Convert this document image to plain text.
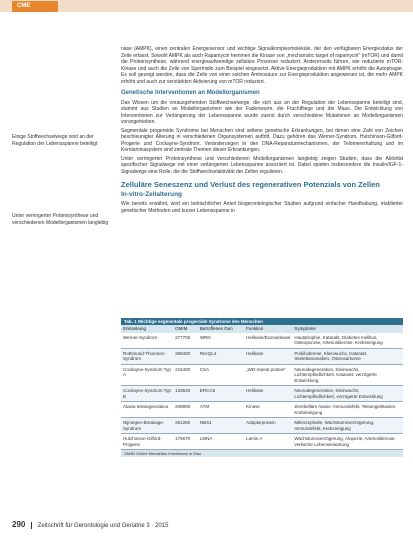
CME
Einige Stoffwechselwege sind an der Regulation der Lebensspanne beteiligt
Unter verringerter Proteinsynthese und verschiedenen Modellorganismen langlebig

nase (AMPK), einen zentralen Energiesensor und wichtige Signalkomplexmoleküle, der den verfügbaren Energiestatus der Zelle erfasst. Sowohl AMPK als auch Rapamycin hemmen die Kinase von „mechanistic target of rapamycin" (mTOR) und damit die Proteinsynthese, während energieaufwendige zelluläre Prozesse reduziert. Andererseits führen, wie reduzierte mTOR-Kinase und auch die Zelle von Spermidin zum Beispiel eingesetzt. Aktive Energieproduktion mit AMPK erhöht die Autophagie. Es soll gezeigt werden, dass die Zelle von einer solchen Aminosäure zur Energieproduktion angewiesen ist, die mehr AMPK erhöht und auch zur verstärkten Aktivierung von mTOR reduziert.

Genetische Interventionen an Modellorganismen

Das Wissen um die vorausgehenden Stoffwechselwege, die sich aus an der Regulation der Lebensspanne beteiligt sind, stammt aus Studien an Modellorganismen wie der Fadenwurm, die Fruchtfliege und die Maus. Die Entwicklung von Interventionen zur Verlängerung der Lebensspanne wurde zuerst durch verschiedene Mutationen an Modellorganismen vorangetrieben.

Segmentale progeroide Syndrome bei Menschen sind seltene genetische Erkrankungen, bei denen eine Zahl von Zeichen beschleunigter Alterung in verschiedenen Organsystemen auftritt. Dazu gehören das Werner-Syndrom, Hutchinson-Gilford-Progerie und Cockayne-Syndrom. Veränderungen in den DNA-Reparaturmechanismen, der Telomererhaltung und im Kernlaminasystem sind zentrale Themen dieser Erkrankungen.

Unter verringerter Proteinsynthese und verschiedenen Modellorganismen langlebig zeigen Studien, dass die Aktivität spezifischer Signalwege mit einer verlängerten Lebensspanne assoziiert ist. Dabei spielen insbesondere die Insulin/IGF-1-Signalwege eine Rolle, die die Stoffwechselaktivität der Zellen regulieren.

Zelluläre Seneszenz und Verlust des regenerativen Potenzials von Zellen
In-vitro-Zellalterung

Wie bereits erwähnt, wird ein beträchtlicher Anteil biogerontologischer Studien aufgrund einfacher Handhabung, etablierter genetischer Methoden und kurzer Lebensspanne in

Tab. 1 Wichtige segmentale progeroide Syndrome des Menschen
Erkrankung	OMIM	Betroffenes Gen	Funktion	Symptome
Werner-Syndrom	277700	WRN	Helikase/Exonuklease	Hautatrophie, Katarakt, Diabetes mellitus, Osteoporose, Arteriosklerose, Krebsneigung
Rothmund-Thomson-Syndrom	268400	RecQL4	Helikase	Poikilodermie, Kleinwuchs, Katarakt, Skelettanomalien, Osteosarkome
Cockayne-Syndrom Typ A	216400	CSA	„WD-repeat protein"	Neurodegeneration, Kleinwuchs, Lichtempfindlichkeit, Katarakt, verzögerte Entwicklung
Cockayne-Syndrom Typ B	133540	ERCC6	Helikase	Neurodegeneration, Kleinwuchs, Lichtempfindlichkeit, verzögerte Entwicklung
Ataxia teleangiectatica	208900	ATM	Kinase	Zerebelläre Ataxie, Immundefekt, Teleangiektasien, Krebsneigung
Nijmegen-Breakage-Syndrom	251260	NBS1	Adapterprotein	Mikrozephalie, Wachstumsverzögerung, Immundefekt, Krebsneigung
Hutchinson-Gilford-Progerie	176670	LMNA	Lamin A	Wachstumsverzögerung, Alopezie, Arteriosklerose, verkürzte Lebenserwartung
OMIM Online Mendelian Inheritance in Man
290 Zeitschrift für Gerontologie und Geriatrie 3 · 2015
